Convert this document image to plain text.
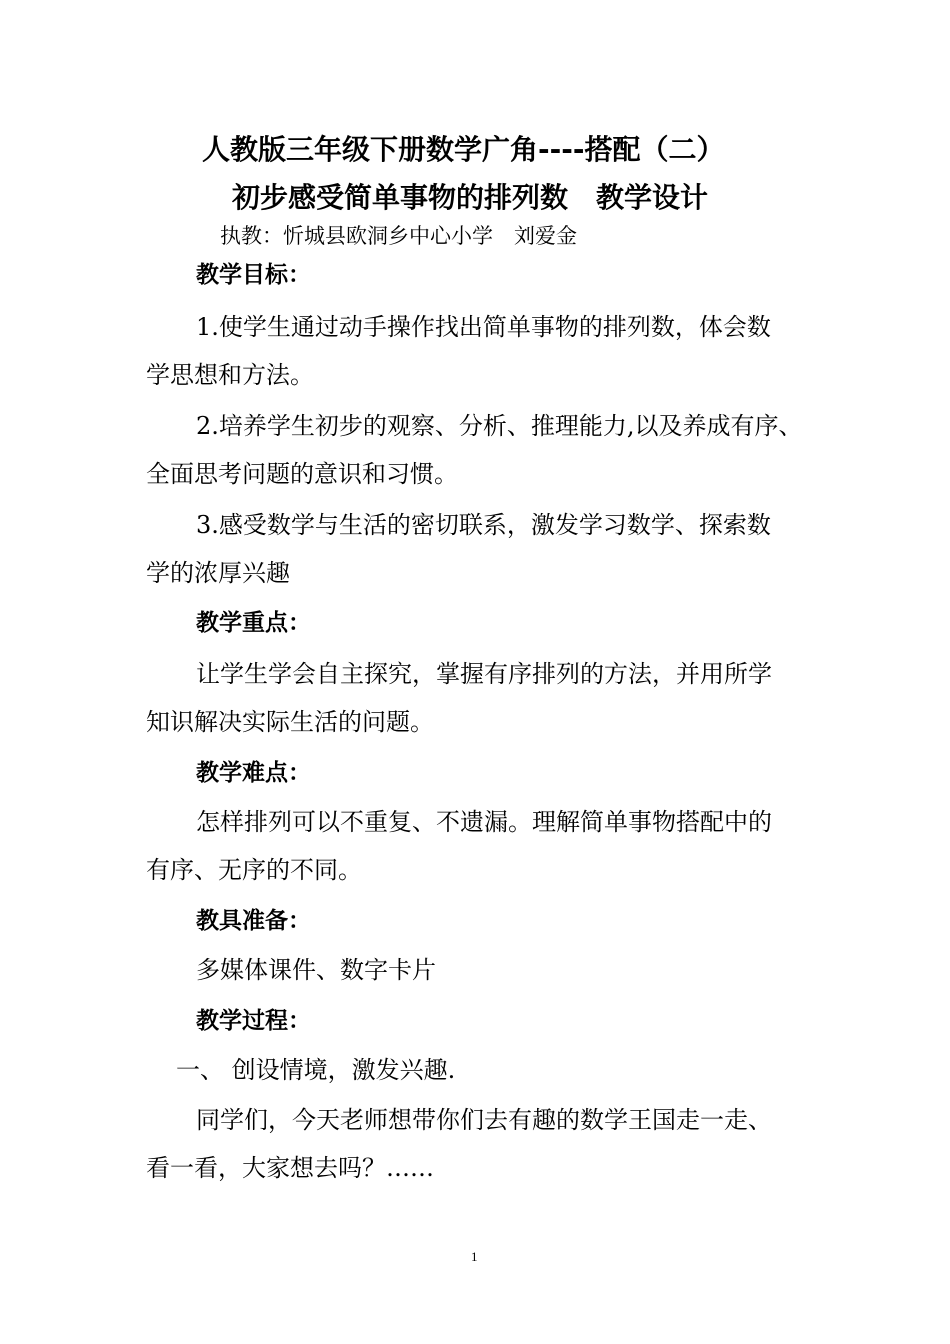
人教版三年级下册数学广角----搭配（二）
初步感受简单事物的排列数　教学设计
执教：忻城县欧洞乡中心小学　刘爱金
教学目标：
1.使学生通过动手操作找出简单事物的排列数，体会数
学思想和方法。
2.培养学生初步的观察、分析、推理能力,以及养成有序、
全面思考问题的意识和习惯。
3.感受数学与生活的密切联系，激发学习数学、探索数
学的浓厚兴趣
教学重点：
让学生学会自主探究，掌握有序排列的方法，并用所学
知识解决实际生活的问题。
教学难点：
怎样排列可以不重复、不遗漏。理解简单事物搭配中的
有序、无序的不同。
教具准备：
多媒体课件、数字卡片
教学过程：
一、 创设情境，激发兴趣.
同学们，今天老师想带你们去有趣的数学王国走一走、
看一看，大家想去吗？……
1
